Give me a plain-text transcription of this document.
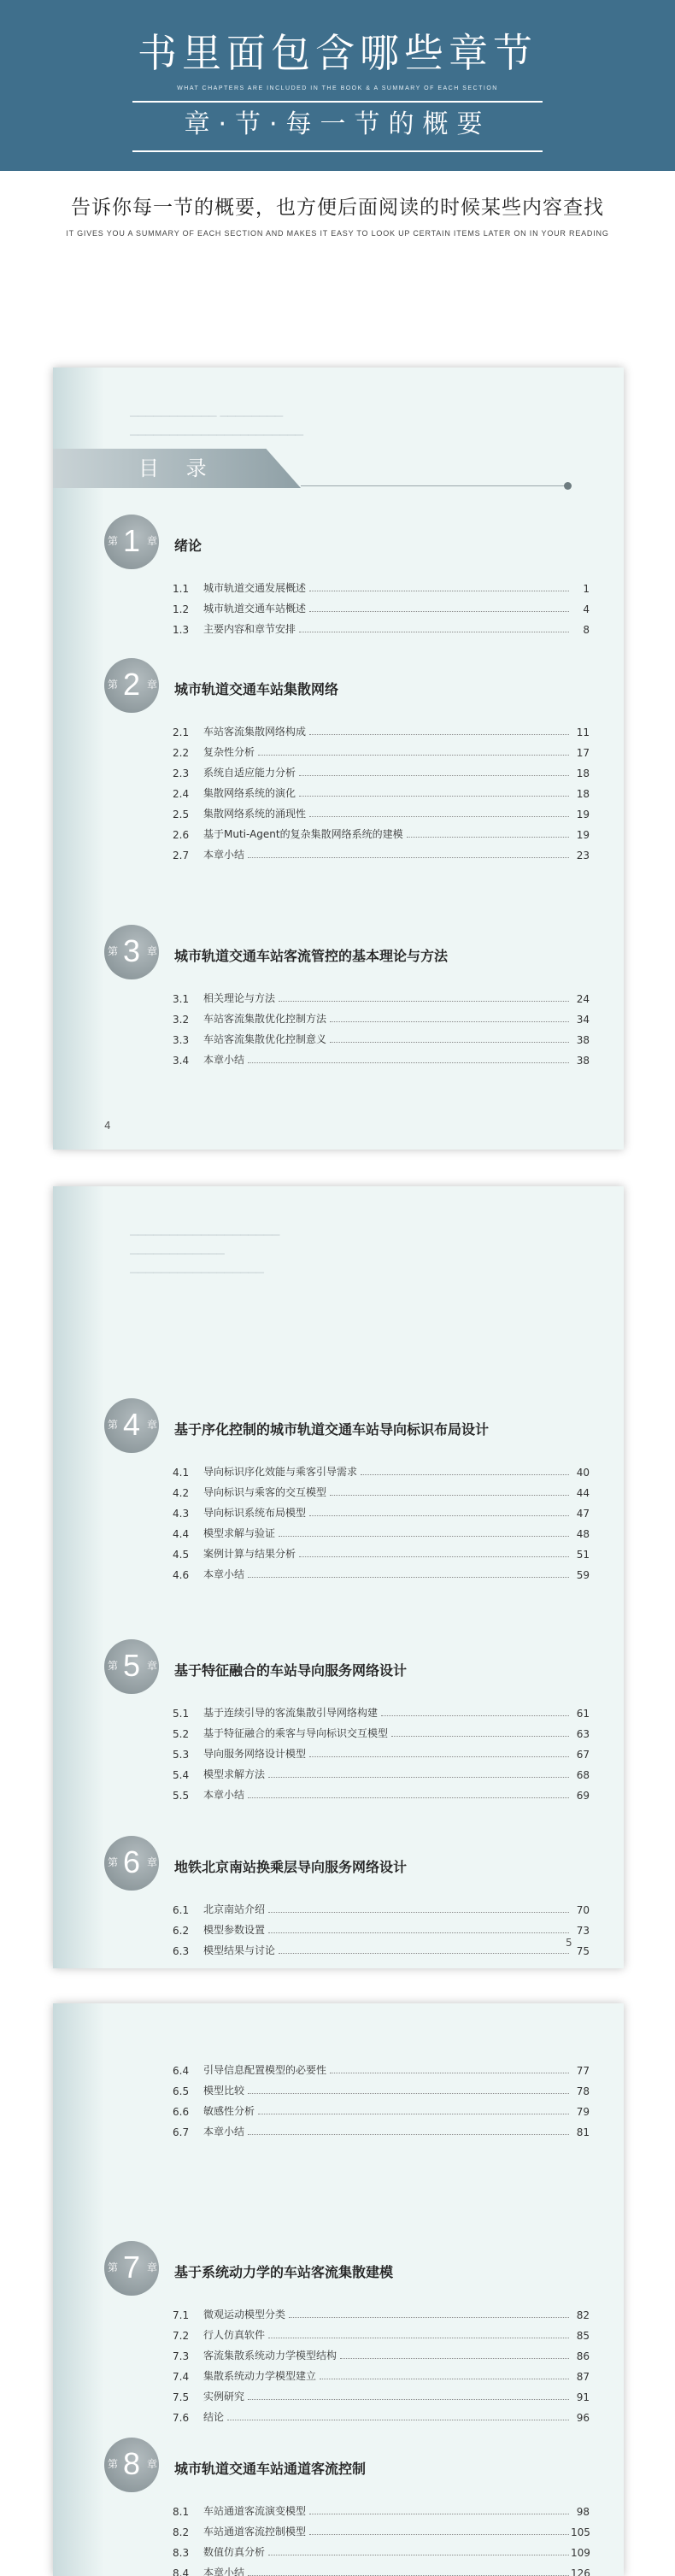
书里面包含哪些章节
WHAT CHAPTERS ARE INCLUDED IN THE BOOK & A SUMMARY OF EACH SECTION
章·节·每一节的概要
告诉你每一节的概要，也方便后面阅读的时候某些内容查找
IT GIVES YOU A SUMMARY OF EACH SECTION AND MAKES IT EASY TO LOOK UP CERTAIN ITEMS LATER ON IN YOUR READING
▁▁▁▁▁▁▁▁▁▁▁ ▁▁▁▁▁▁▁▁
▁▁▁▁▁▁▁▁▁▁▁▁▁▁▁▁▁▁▁▁▁▁
目 录
第 1 章 绪论
1.1	城市轨道交通发展概述	1
1.2	城市轨道交通车站概述	4
1.3	主要内容和章节安排	8
第 2 章 城市轨道交通车站集散网络
2.1	车站客流集散网络构成	11
2.2	复杂性分析	17
2.3	系统自适应能力分析	18
2.4	集散网络系统的演化	18
2.5	集散网络系统的涌现性	19
2.6	基于Muti-Agent的复杂集散网络系统的建模	19
2.7	本章小结	23
第 3 章 城市轨道交通车站客流管控的基本理论与方法
3.1	相关理论与方法	24
3.2	车站客流集散优化控制方法	34
3.3	车站客流集散优化控制意义	38
3.4	本章小结	38
4
▁▁▁▁▁▁▁▁▁▁▁▁▁▁▁▁▁▁▁
▁▁▁▁▁▁▁▁▁▁▁▁
▁▁▁▁▁▁▁▁▁▁▁▁▁▁▁▁▁
第 4 章 基于序化控制的城市轨道交通车站导向标识布局设计
4.1	导向标识序化效能与乘客引导需求	40
4.2	导向标识与乘客的交互模型	44
4.3	导向标识系统布局模型	47
4.4	模型求解与验证	48
4.5	案例计算与结果分析	51
4.6	本章小结	59
第 5 章 基于特征融合的车站导向服务网络设计
5.1	基于连续引导的客流集散引导网络构建	61
5.2	基于特征融合的乘客与导向标识交互模型	63
5.3	导向服务网络设计模型	67
5.4	模型求解方法	68
5.5	本章小结	69
第 6 章 地铁北京南站换乘层导向服务网络设计
6.1	北京南站介绍	70
6.2	模型参数设置	73
6.3	模型结果与讨论	75
5
6.4	引导信息配置模型的必要性	77
6.5	模型比较	78
6.6	敏感性分析	79
6.7	本章小结	81
第 7 章 基于系统动力学的车站客流集散建模
7.1	微观运动模型分类	82
7.2	行人仿真软件	85
7.3	客流集散系统动力学模型结构	86
7.4	集散系统动力学模型建立	87
7.5	实例研究	91
7.6	结论	96
第 8 章 城市轨道交通车站通道客流控制
8.1	车站通道客流演变模型	98
8.2	车站通道客流控制模型	105
8.3	数值仿真分析	109
8.4	本章小结	126
